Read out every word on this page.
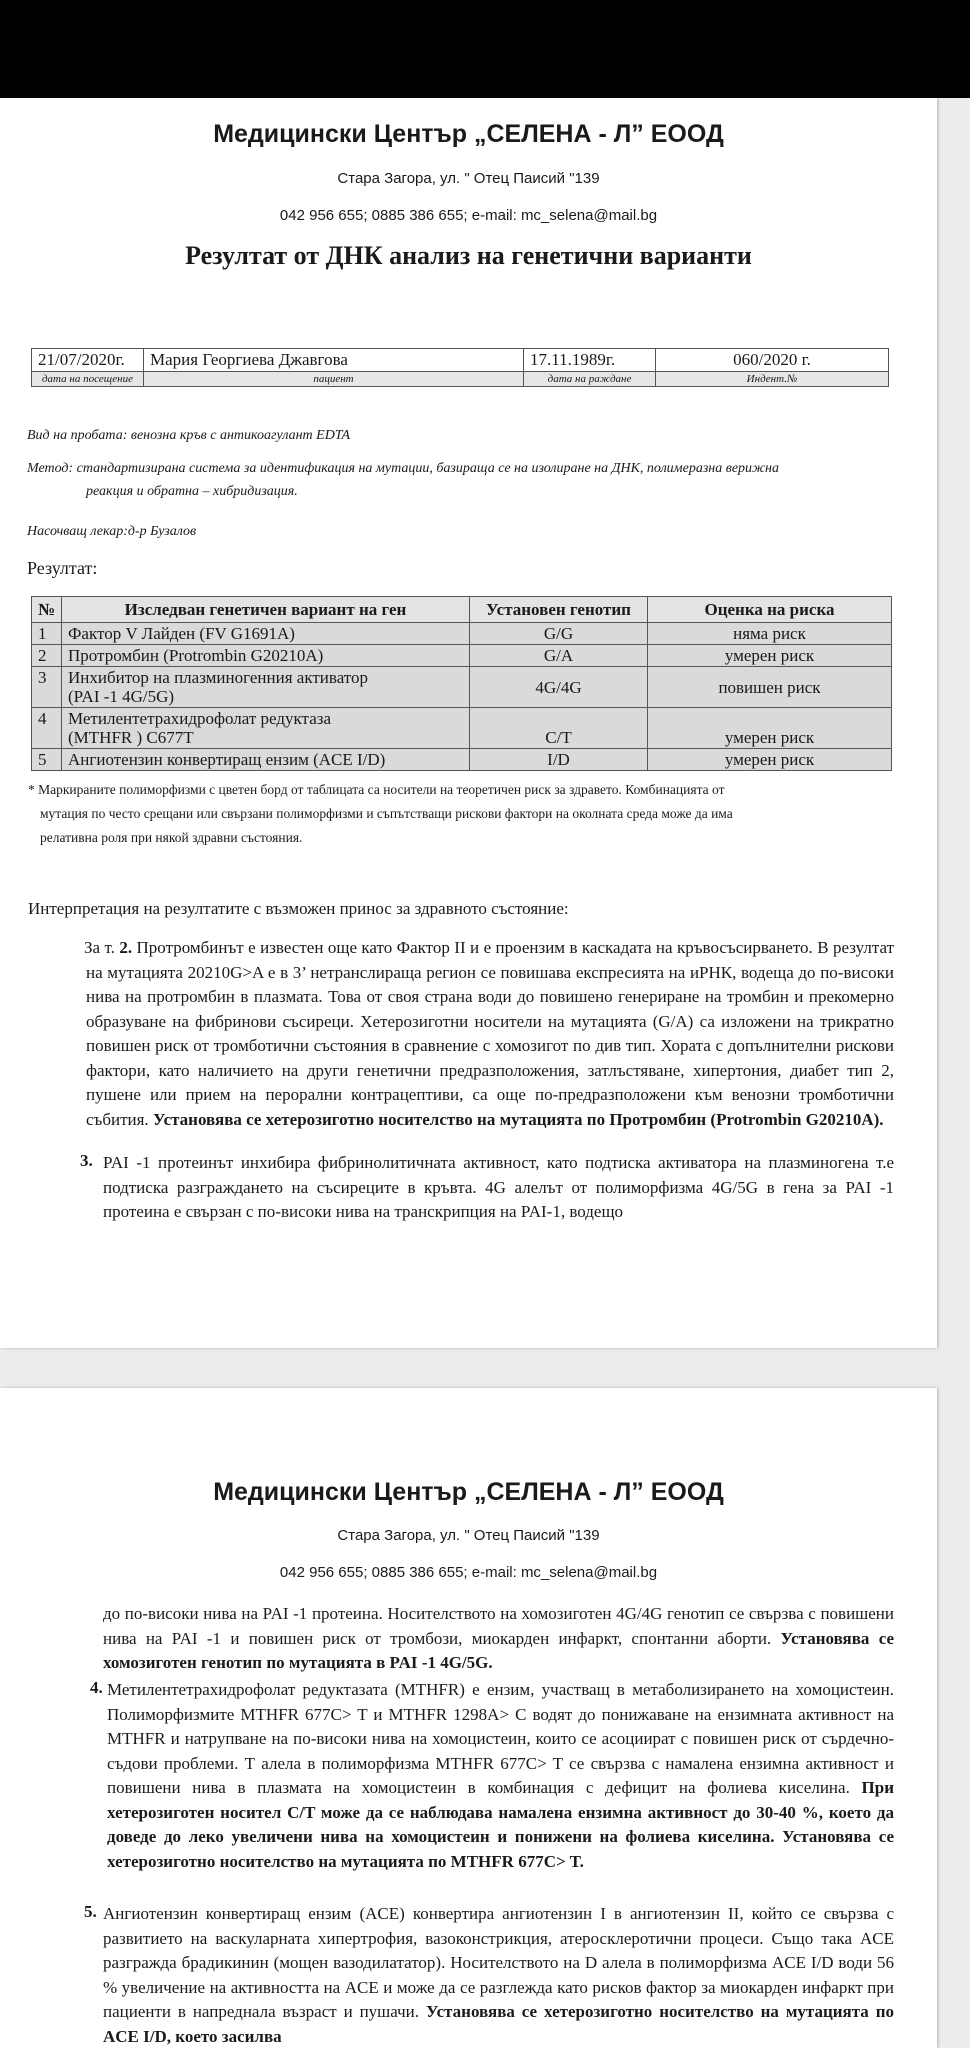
Медицински Център „СЕЛЕНА - Л” ЕООД
Стара Загора, ул. " Отец Паисий "139
042 956 655; 0885 386 655; e-mail: mc_selena@mail.bg
Резултат от ДНК анализ на генетични варианти
21/07/2020г.	Мария Георгиева Джавгова	17.11.1989г.	060/2020 г.
дата на посещение	пациент	дата на раждане	Индент.№
Вид на пробата: венозна кръв с антикоагулант EDTA
Метод: стандартизирана система за идентификация на мутации, базираща се на изолиране на ДНК, полимеразна верижна
реакция и обратна – хибридизация.
Насочващ лекар:д-р Бузалов
Резултат:
№	Изследван генетичен вариант на ген	Установен генотип	Оценка на риска
1	Фактор V Лайден (FV G1691A)	G/G	няма риск
2	Протромбин (Protrombin G20210A)	G/A	умерен риск
3	Инхибитор на плазминогенния активатор
(PAI -1 4G/5G)	4G/4G	повишен риск
4	Метилентетрахидрофолат редуктаза
(MTHFR ) C677T	C/T	умерен риск
5	Ангиотензин конвертиращ ензим (ACE I/D)	I/D	умерен риск
* Маркираните полиморфизми с цветен борд от таблицата са носители на теоретичен риск за здравето. Комбинацията от
мутация по често срещани или свързани полиморфизми и съпътстващи рискови фактори на околната среда може да има
релативна роля при някой здравни състояния.
Интерпретация на резултатите с възможен принос за здравното състояние:
За т. 2. Протромбинът е известен още като Фактор II и е проензим в каскадата на кръвосъсирването. В резултат на мутацията 20210G>A е в 3’ нетранслираща регион се повишава експресията на иРНК, водеща до по-високи нива на протромбин в плазмата. Това от своя страна води до повишено генериране на тромбин и прекомерно образуване на фибринови съсиреци. Хетерозиготни носители на мутацията (G/A) са изложени на трикратно повишен риск от тромботични състояния в сравнение с хомозигот по див тип. Хората с допълнителни рискови фактори, като наличието на други генетични предразположения, затлъстяване, хипертония, диабет тип 2, пушене или прием на перорални контрацептиви, са още по-предразположени към венозни тромботични събития. Установява се хетерозиготно носителство на мутацията по Протромбин (Protrombin G20210A).
3. PAI -1 протеинът инхибира фибринолитичната активност, като подтиска активатора на плазминогена т.е подтиска разграждането на съсиреците в кръвта. 4G алелът от полиморфизма 4G/5G в гена за PAI -1 протеина е свързан с по-високи нива на транскрипция на PAI-1, водещо
Медицински Център „СЕЛЕНА - Л” ЕООД
Стара Загора, ул. " Отец Паисий "139
042 956 655; 0885 386 655; e-mail: mc_selena@mail.bg
до по-високи нива на PAI -1 протеина. Носителството на хомозиготен 4G/4G генотип се свързва с повишени нива на PAI -1 и повишен риск от тромбози, миокарден инфаркт, спонтанни аборти. Установява се хомозиготен генотип по мутацията в PAI -1 4G/5G.
4. Метилентетрахидрофолат редуктазата (MTHFR) е ензим, участващ в метаболизирането на хомоцистеин. Полиморфизмите MTHFR 677C> T и MTHFR 1298A> C водят до понижаване на ензимната активност на MTHFR и натрупване на по-високи нива на хомоцистеин, които се асоциират с повишен риск от сърдечно-съдови проблеми. Т алела в полиморфизма MTHFR 677C> T се свързва с намалена ензимна активност и повишени нива в плазмата на хомоцистеин в комбинация с дефицит на фолиева киселина. При хетерозиготен носител C/T може да се наблюдава намалена ензимна активност до 30-40 %, което да доведе до леко увеличени нива на хомоцистеин и понижени на фолиева киселина. Установява се хетерозиготно носителство на мутацията по MTHFR 677C> T.
5. Ангиотензин конвертиращ ензим (ACE) конвертира ангиотензин I в ангиотензин II, който се свързва с развитието на васкуларната хипертрофия, вазоконстрикция, атеросклеротични процеси. Също така ACE разгражда брадикинин (мощен вазодилататор). Носителството на D алела в полиморфизма ACE I/D води 56 % увеличение на активността на ACE и може да се разглежда като рисков фактор за миокарден инфаркт при пациенти в напреднала възраст и пушачи. Установява се хетерозиготно носителство на мутацията по ACE I/D, което засилва
